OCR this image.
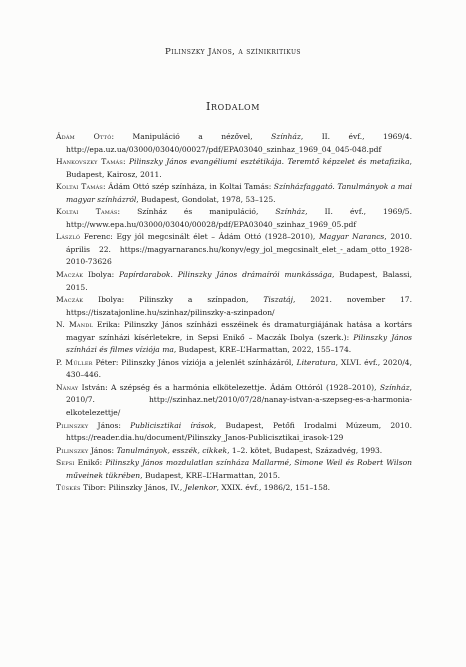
Pilinszky János, a színikritikus
Irodalom
Ádám Ottó: Manipuláció a nézővel, Színház, II. évf., 1969/4. http://epa.uz.ua/03000/03040/00027/pdf/EPA03040_szinhaz_1969_04_045-048.pdf
Hankovszky Tamás: Pilinszky János evangéliumi esztétikája. Teremtő képzelet és metafizika, Budapest, Kairosz, 2011.
Koltai Tamás: Ádám Ottó szép színháza, in Koltai Tamás: Színházfaggató. Tanulmányok a mai magyar színházról, Budapest, Gondolat, 1978, 53–125.
Koltai Tamás: Színház és manipuláció, Színház, II. évf., 1969/5. http://www.epa.hu/03000/03040/00028/pdf/EPA03040_szinhaz_1969_05.pdf
László Ferenc: Egy jól megcsinált élet – Ádám Ottó (1928–2010), Magyar Narancs, 2010. április 22. https://magyarnarancs.hu/konyv/egy_jol_megcsinalt_elet_-_adam_otto_1928-2010-73626
Maczák Ibolya: Papírdarabok. Pilinszky János drámaírói munkássága, Budapest, Balassi, 2015.
Maczák Ibolya: Pilinszky a színpadon, Tiszatáj, 2021. november 17. https://tiszatajonline.hu/szinhaz/pilinszky-a-szinpadon/
N. Mandl Erika: Pilinszky János színházi esszéinek és dramaturgiájának hatása a kortárs magyar színházi kísérletekre, in Sepsi Enikő – Maczák Ibolya (szerk.): Pilinszky János színházi és filmes víziója ma, Budapest, KRE–L’Harmattan, 2022, 155–174.
P. Müller Péter: Pilinszky János víziója a jelenlét színházáról, Literatura, XLVI. évf., 2020/4, 430–446.
Nánay István: A szépség és a harmónia elkötelezettje. Ádám Ottóról (1928–2010), Színház, 2010/7. http://szinhaz.net/2010/07/28/nanay-istvan-a-szepseg-es-a-harmonia-elkotelezettje/
Pilinszky János: Publicisztikai írások, Budapest, Petőfi Irodalmi Múzeum, 2010. https://reader.dia.hu/document/Pilinszky_Janos-Publicisztikai_irasok-129
Pilinszky János: Tanulmányok, esszék, cikkek, 1–2. kötet, Budapest, Századvég, 1993.
Sepsi Enikő: Pilinszky János mozdulatlan színháza Mallarmé, Simone Weil és Robert Wilson műveinek tükrében, Budapest, KRE–L’Harmattan, 2015.
Tüskés Tibor: Pilinszky János, IV., Jelenkor, XXIX. évf., 1986/2, 151–158.
